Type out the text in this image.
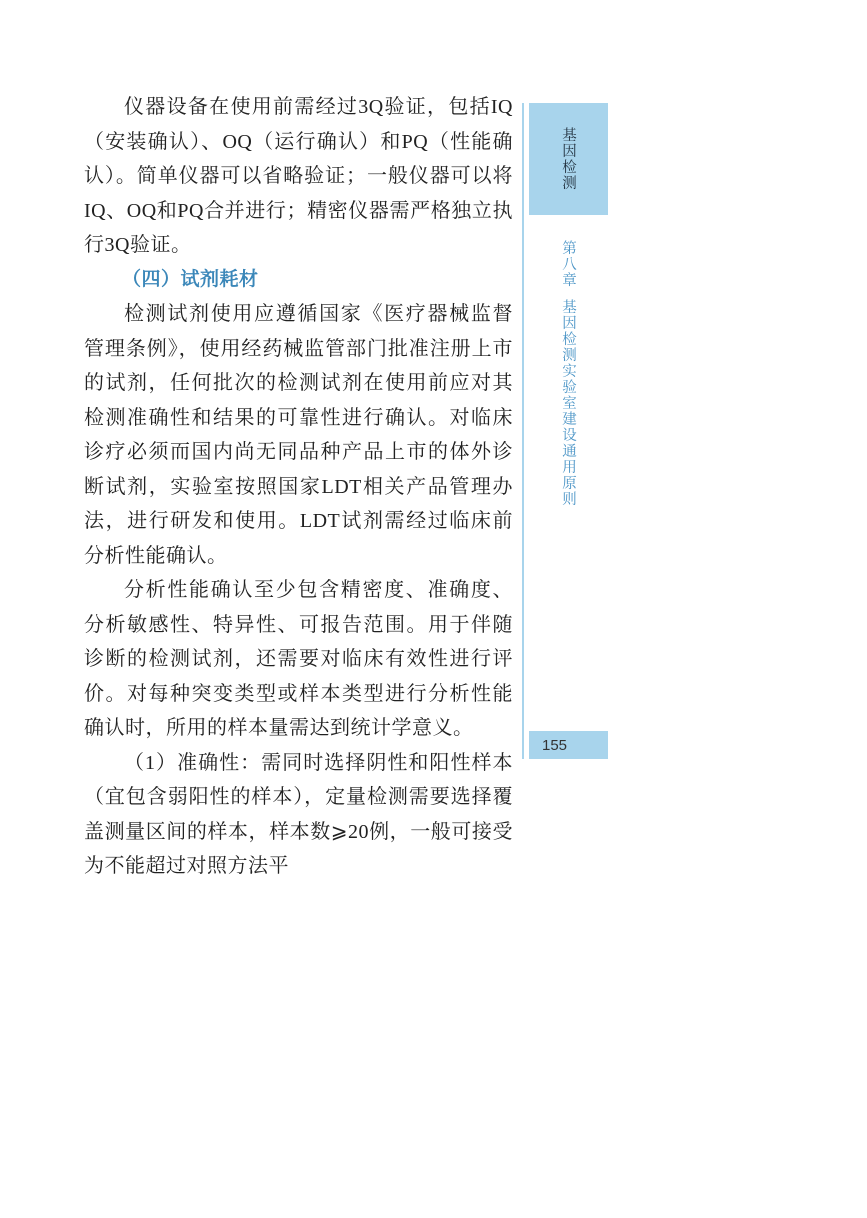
仪器设备在使用前需经过3Q验证，包括IQ（安装确认）、OQ（运行确认）和PQ（性能确认）。简单仪器可以省略验证；一般仪器可以将IQ、OQ和PQ合并进行；精密仪器需严格独立执行3Q验证。

（四）试剂耗材

检测试剂使用应遵循国家《医疗器械监督管理条例》，使用经药械监管部门批准注册上市的试剂，任何批次的检测试剂在使用前应对其检测准确性和结果的可靠性进行确认。对临床诊疗必须而国内尚无同品种产品上市的体外诊断试剂，实验室按照国家LDT相关产品管理办法，进行研发和使用。LDT试剂需经过临床前分析性能确认。

分析性能确认至少包含精密度、准确度、分析敏感性、特异性、可报告范围。用于伴随诊断的检测试剂，还需要对临床有效性进行评价。对每种突变类型或样本类型进行分析性能确认时，所用的样本量需达到统计学意义。

（1）准确性：需同时选择阴性和阳性样本（宜包含弱阳性的样本），定量检测需要选择覆盖测量区间的样本，样本数⩾20例，一般可接受为不能超过对照方法平

基因检测
第八章
基因检测实验室建设通用原则
155
